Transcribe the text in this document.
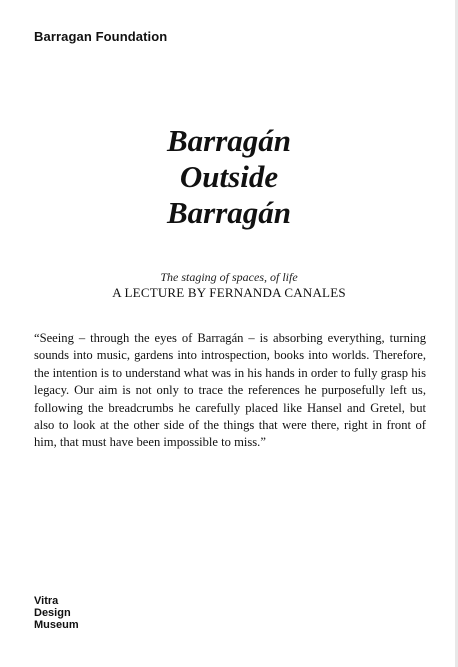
Barragan Foundation

Barragán
Outside
Barragán

The staging of spaces, of life

A LECTURE BY FERNANDA CANALES

“Seeing – through the eyes of Barragán – is absorbing everything, turning sounds into music, gardens into introspection, books into worlds. Therefore, the intention is to understand what was in his hands in order to fully grasp his legacy. Our aim is not only to trace the references he purposefully left us, following the breadcrumbs he carefully placed like Hansel and Gretel, but also to look at the other side of the things that were there, right in front of him, that must have been impossible to miss.”

Vitra
Design
Museum
